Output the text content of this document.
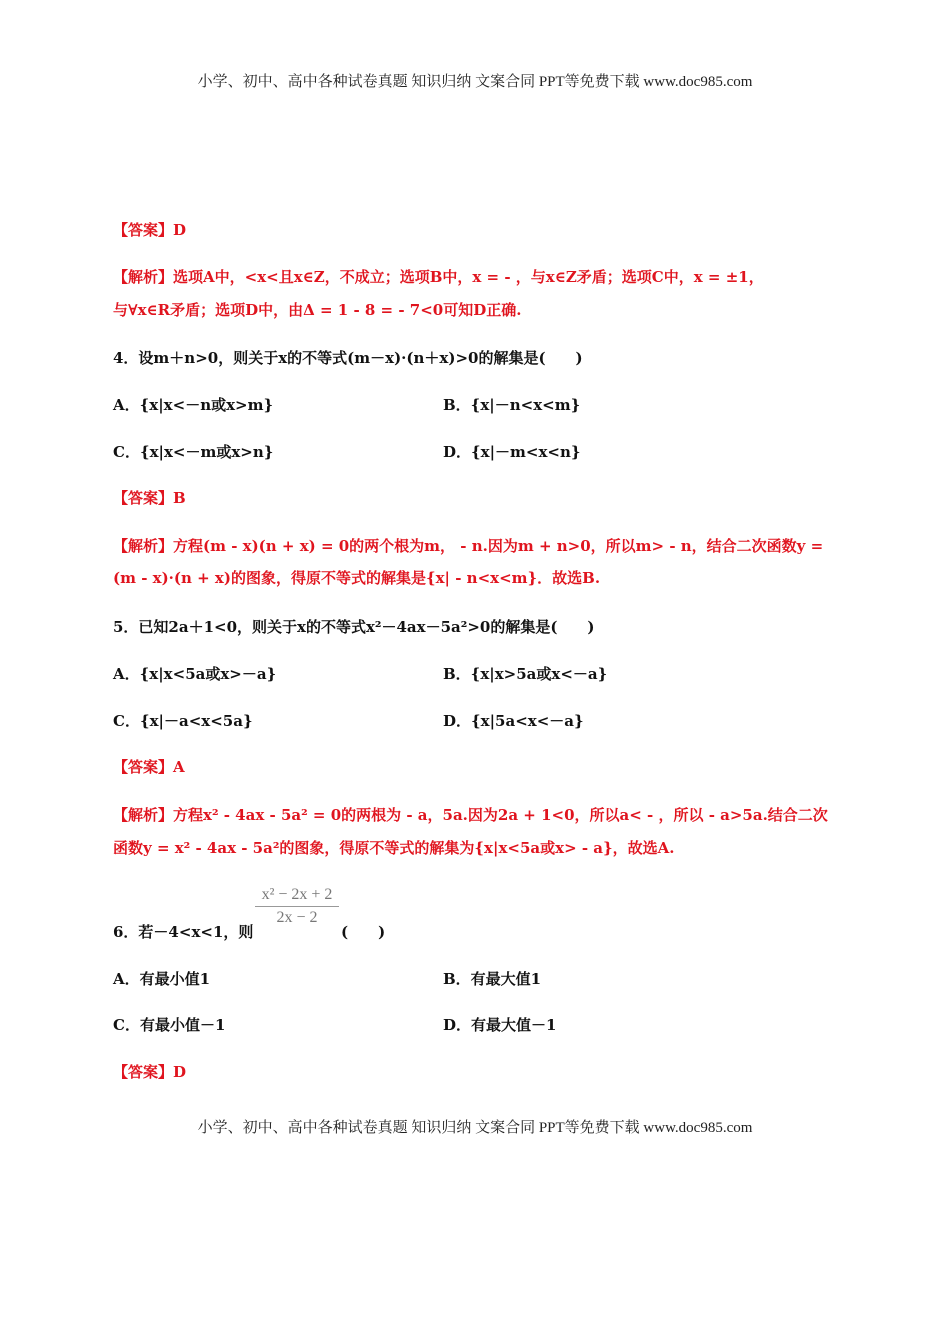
小学、初中、高中各种试卷真题 知识归纳 文案合同 PPT等免费下载 www.doc985.com
【答案】D
【解析】选项A中，<x<且x∈Z，不成立；选项B中，x = - ，与x∈Z矛盾；选项C中，x = ±1，
与∀x∈R矛盾；选项D中，由Δ = 1 - 8 = - 7<0可知D正确.
4．设m＋n>0，则关于x的不等式(m－x)·(n＋x)>0的解集是(　　)
A．{x|x<－n或x>m}	B．{x|－n<x<m}
C．{x|x<－m或x>n}	D．{x|－m<x<n}
【答案】B
【解析】方程(m - x)(n + x) = 0的两个根为m， - n.因为m + n>0，所以m> - n，结合二次函数y =
(m - x)·(n + x)的图象，得原不等式的解集是{x| - n<x<m}．故选B.
5．已知2a＋1<0，则关于x的不等式x²－4ax－5a²>0的解集是(　　)
A．{x|x<5a或x>－a}	B．{x|x>5a或x<－a}
C．{x|－a<x<5a}	D．{x|5a<x<－a}
【答案】A
【解析】方程x² - 4ax - 5a² = 0的两根为 - a，5a.因为2a + 1<0，所以a< - ，所以 - a>5a.结合二次
函数y = x² - 4ax - 5a²的图象，得原不等式的解集为{x|x<5a或x> - a}，故选A.
x² − 2x + 2
2x − 2
6．若－4<x<1，则	(　　)
A．有最小值1	B．有最大值1
C．有最小值－1	D．有最大值－1
【答案】D
小学、初中、高中各种试卷真题 知识归纳 文案合同 PPT等免费下载 www.doc985.com
